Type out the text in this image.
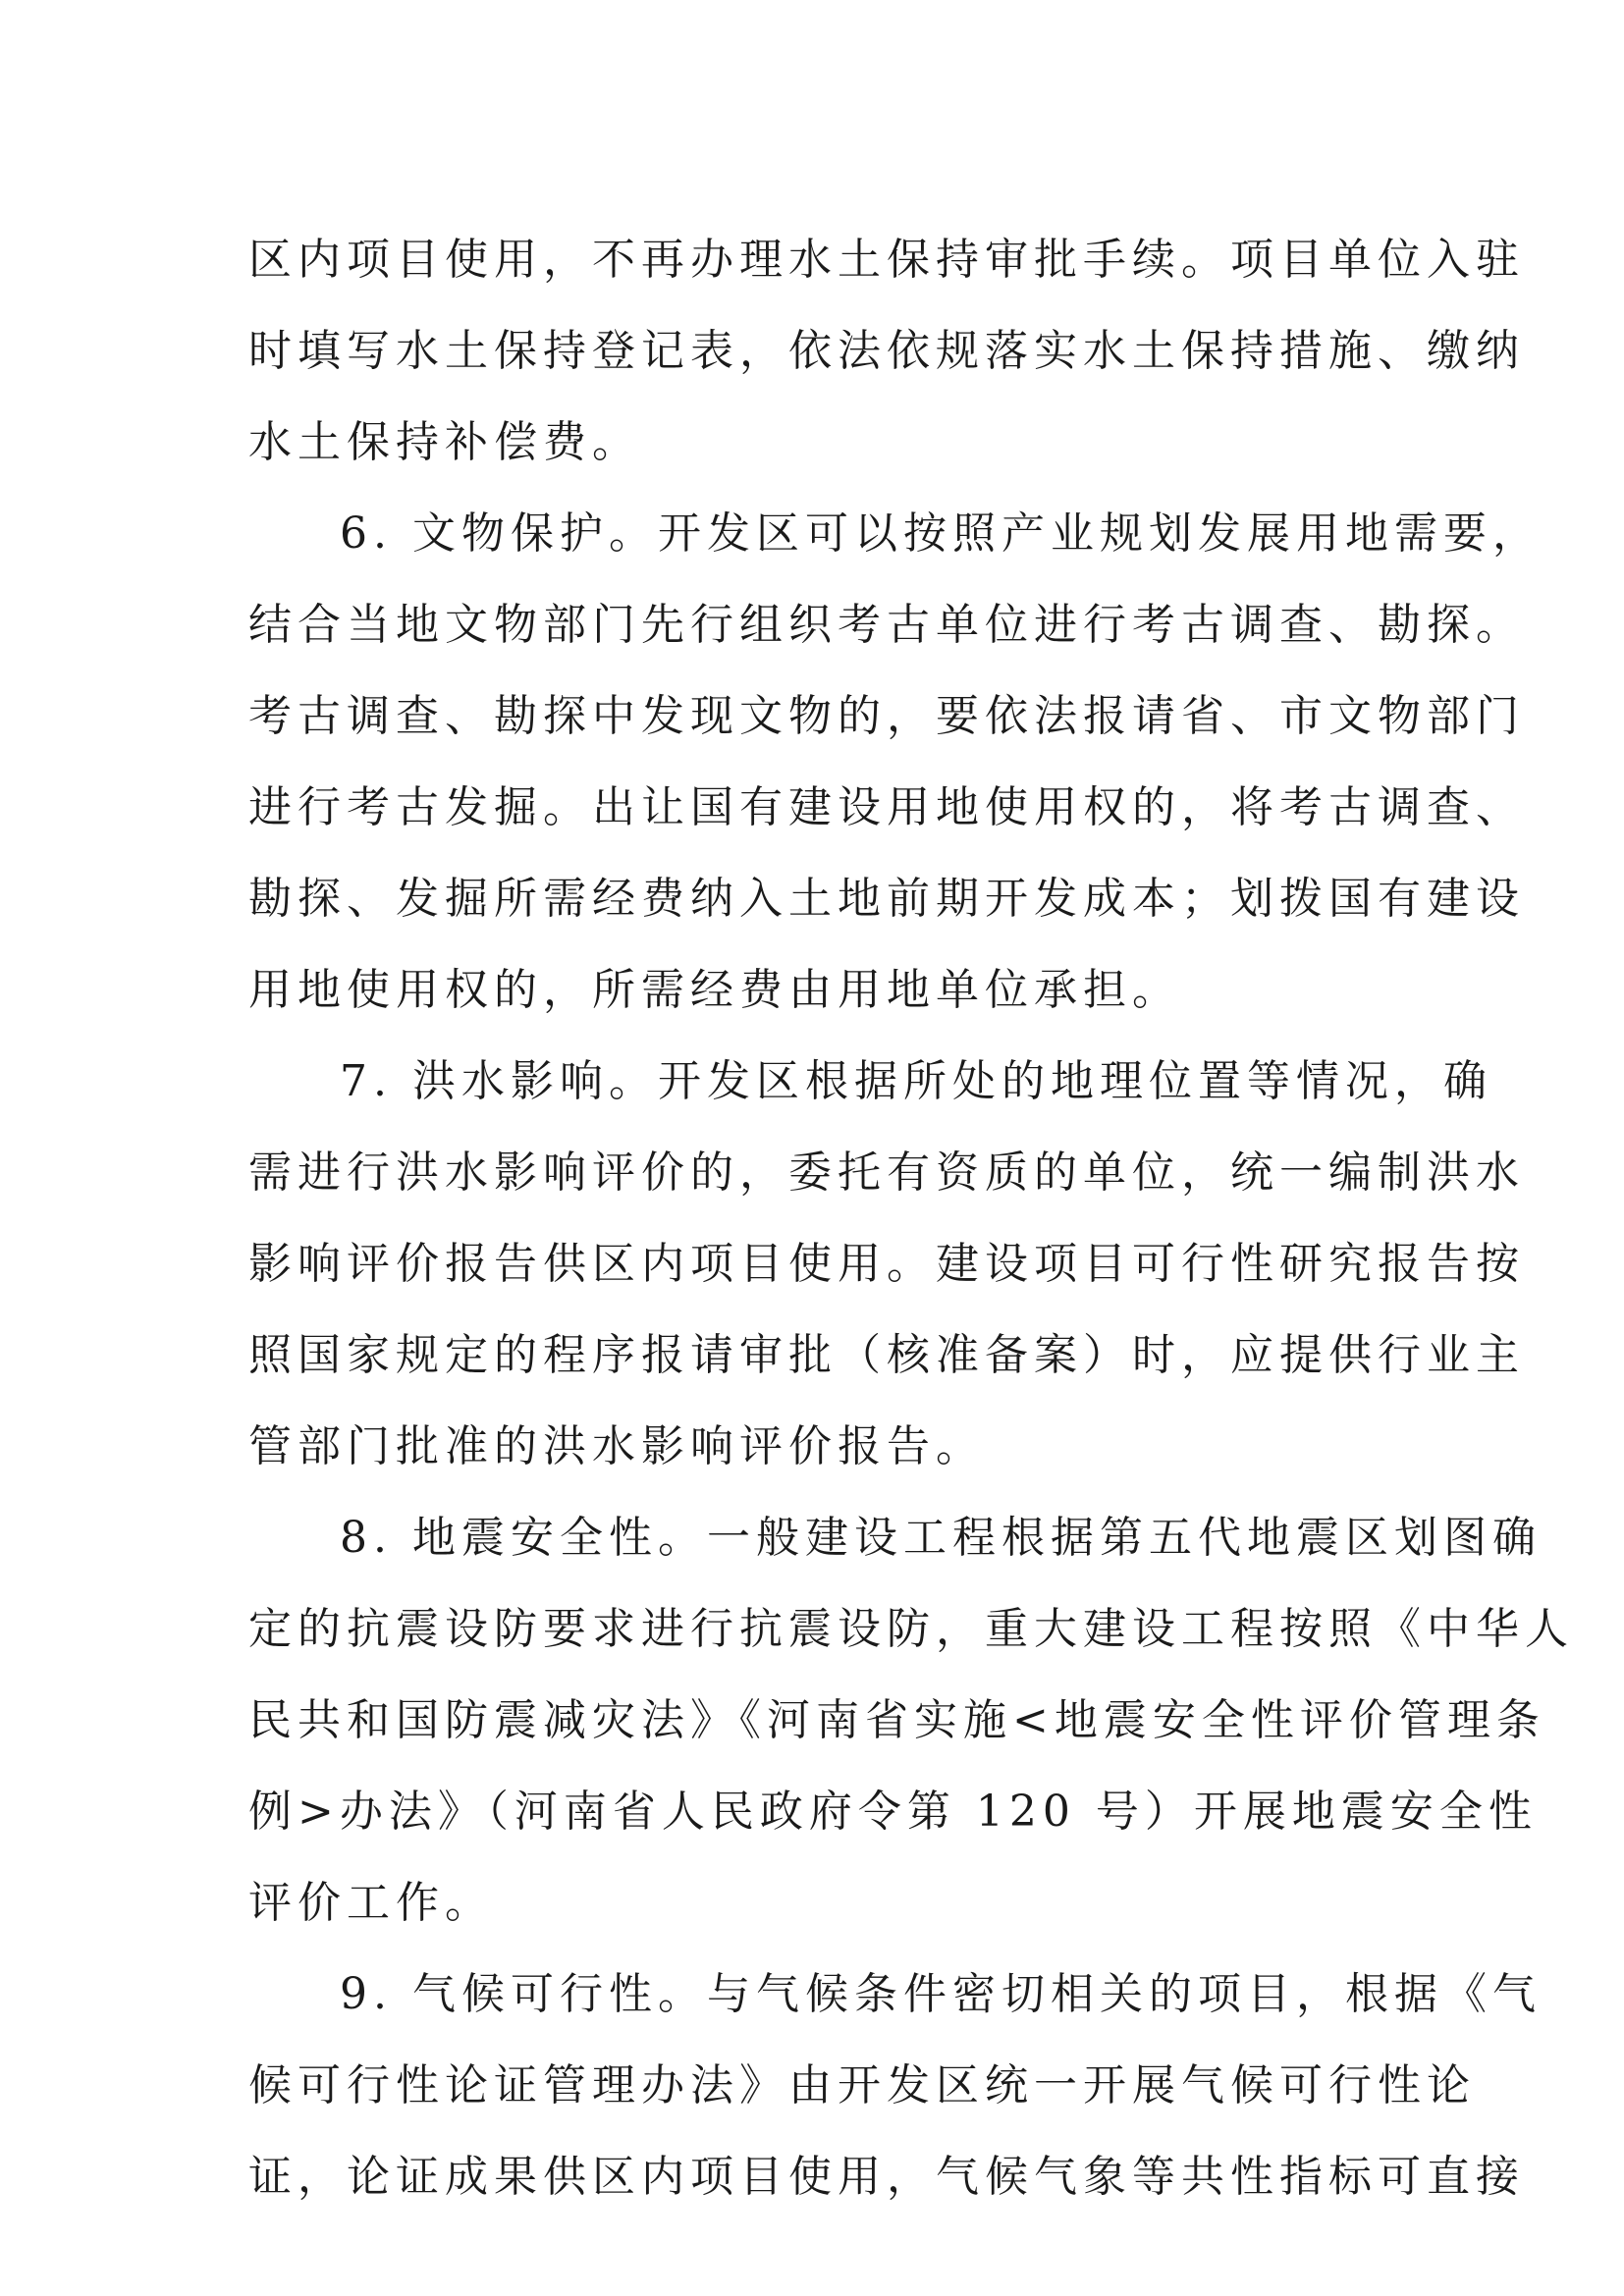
区内项目使用，不再办理水土保持审批手续。项目单位入驻
时填写水土保持登记表，依法依规落实水土保持措施、缴纳
水土保持补偿费。
6. 文物保护。开发区可以按照产业规划发展用地需要，
结合当地文物部门先行组织考古单位进行考古调查、勘探。
考古调查、勘探中发现文物的，要依法报请省、市文物部门
进行考古发掘。出让国有建设用地使用权的，将考古调查、
勘探、发掘所需经费纳入土地前期开发成本；划拨国有建设
用地使用权的，所需经费由用地单位承担。
7. 洪水影响。开发区根据所处的地理位置等情况，确
需进行洪水影响评价的，委托有资质的单位，统一编制洪水
影响评价报告供区内项目使用。建设项目可行性研究报告按
照国家规定的程序报请审批（核准备案）时，应提供行业主
管部门批准的洪水影响评价报告。
8. 地震安全性。一般建设工程根据第五代地震区划图确
定的抗震设防要求进行抗震设防，重大建设工程按照《中华人
民共和国防震减灾法》《河南省实施<地震安全性评价管理条
例>办法》（河南省人民政府令第 120 号）开展地震安全性
评价工作。
9. 气候可行性。与气候条件密切相关的项目，根据《气
候可行性论证管理办法》由开发区统一开展气候可行性论
证，论证成果供区内项目使用，气候气象等共性指标可直接
